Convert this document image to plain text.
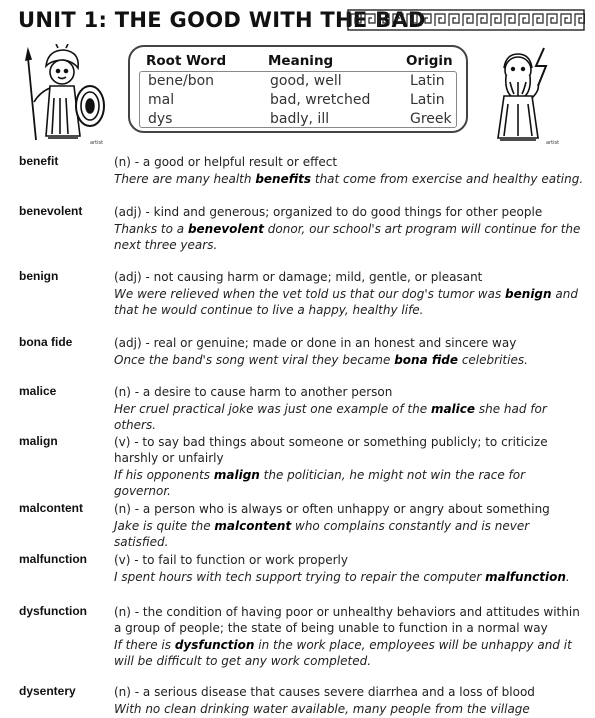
UNIT 1: THE GOOD WITH THE BAD
artist
Root Word	Meaning	Origin
bene/bon	good, well	Latin
mal	bad, wretched	Latin
dys	badly, ill	Greek
artist
benefit	(n) - a good or helpful result or effect
There are many health benefits that come from exercise and healthy eating.
benevolent	(adj) - kind and generous; organized to do good things for other people
Thanks to a benevolent donor, our school's art program will continue for the next three years.
benign	(adj) - not causing harm or damage; mild, gentle, or pleasant
We were relieved when the vet told us that our dog's tumor was benign and that he would continue to live a happy, healthy life.
bona fide	(adj) - real or genuine; made or done in an honest and sincere way
Once the band's song went viral they became bona fide celebrities.
malice	(n) - a desire to cause harm to another person
Her cruel practical joke was just one example of the malice she had for others.
malign	(v) - to say bad things about someone or something publicly; to criticize harshly or unfairly
If his opponents malign the politician, he might not win the race for governor.
malcontent	(n) - a person who is always or often unhappy or angry about something
Jake is quite the malcontent who complains constantly and is never satisfied.
malfunction (v) - to fail to function or work properly
I spent hours with tech support trying to repair the computer malfunction.
dysfunction (n) - the condition of having poor or unhealthy behaviors and attitudes within a group of people; the state of being unable to function in a normal way
If there is dysfunction in the work place, employees will be unhappy and it will be difficult to get any work completed.
dysentery	(n) - a serious disease that causes severe diarrhea and a loss of blood
With no clean drinking water available, many people from the village
